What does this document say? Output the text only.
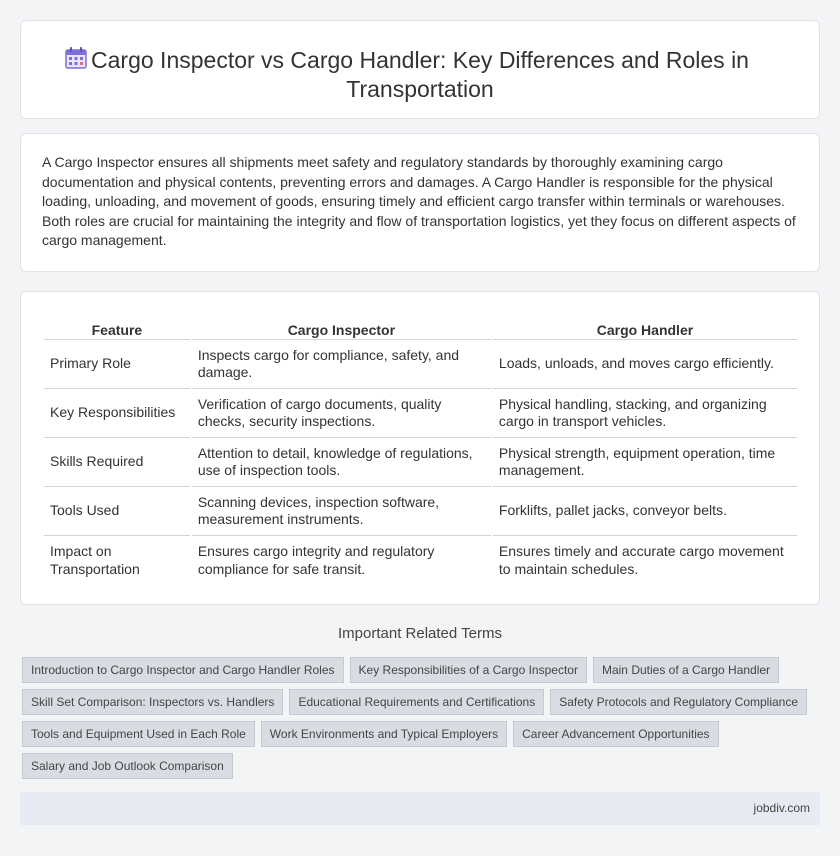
Cargo Inspector vs Cargo Handler: Key Differences and Roles in Transportation

A Cargo Inspector ensures all shipments meet safety and regulatory standards by thoroughly examining cargo documentation and physical contents, preventing errors and damages. A Cargo Handler is responsible for the physical loading, unloading, and movement of goods, ensuring timely and efficient cargo transfer within terminals or warehouses. Both roles are crucial for maintaining the integrity and flow of transportation logistics, yet they focus on different aspects of cargo management.

Feature	Cargo Inspector	Cargo Handler
Primary Role	Inspects cargo for compliance, safety, and damage.	Loads, unloads, and moves cargo efficiently.
Key Responsibilities	Verification of cargo documents, quality checks, security inspections.	Physical handling, stacking, and organizing cargo in transport vehicles.
Skills Required	Attention to detail, knowledge of regulations, use of inspection tools.	Physical strength, equipment operation, time management.
Tools Used	Scanning devices, inspection software, measurement instruments.	Forklifts, pallet jacks, conveyor belts.
Impact on Transportation	Ensures cargo integrity and regulatory compliance for safe transit.	Ensures timely and accurate cargo movement to maintain schedules.
Important Related Terms
Introduction to Cargo Inspector and Cargo Handler Roles	Key Responsibilities of a Cargo Inspector	Main Duties of a Cargo Handler
Skill Set Comparison: Inspectors vs. Handlers	Educational Requirements and Certifications	Safety Protocols and Regulatory Compliance
Tools and Equipment Used in Each Role	Work Environments and Typical Employers	Career Advancement Opportunities
Salary and Job Outlook Comparison
jobdiv.com
